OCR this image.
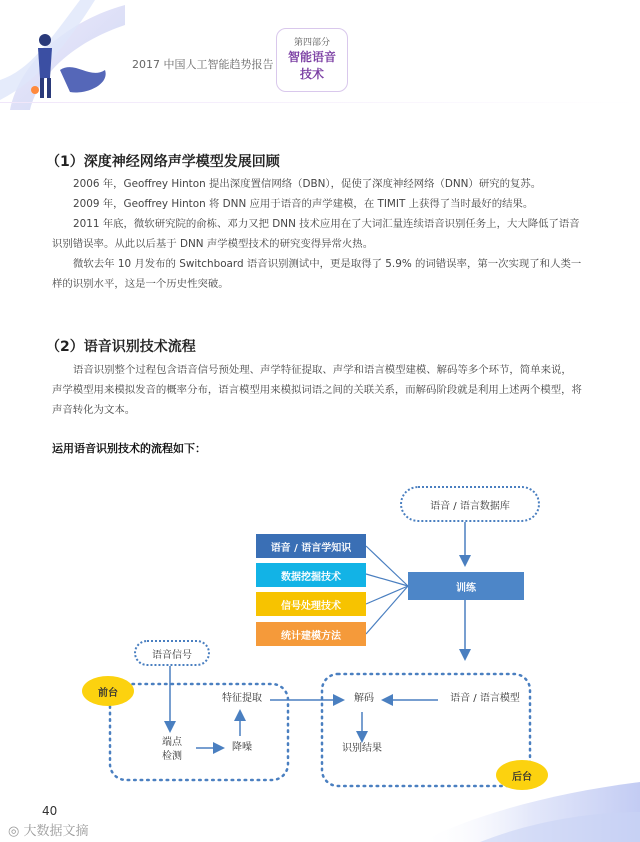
2017 中国人工智能趋势报告
第四部分
智能语音
技术
（1）深度神经网络声学模型发展回顾
2006 年，Geoffrey Hinton 提出深度置信网络（DBN），促使了深度神经网络（DNN）研究的复苏。
2009 年，Geoffrey Hinton 将 DNN 应用于语音的声学建模，在 TIMIT 上获得了当时最好的结果。
2011 年底，微软研究院的俞栋、邓力又把 DNN 技术应用在了大词汇量连续语音识别任务上，大大降低了语音识别错误率。从此以后基于 DNN 声学模型技术的研究变得异常火热。
微软去年 10 月发布的 Switchboard 语音识别测试中，更是取得了 5.9% 的词错误率，第一次实现了和人类一样的识别水平，这是一个历史性突破。
（2）语音识别技术流程
语音识别整个过程包含语音信号预处理、声学特征提取、声学和语言模型建模、解码等多个环节，简单来说，声学模型用来模拟发音的概率分布，语言模型用来模拟词语之间的关联关系，而解码阶段就是利用上述两个模型，将声音转化为文本。
运用语音识别技术的流程如下：
语音 / 语言数据库
语音 / 语言学知识
数据挖掘技术
信号处理技术
统计建模方法
训练
语音信号
前台
后台
特征提取
端点
检测
降噪
解码	语音 / 语言模型
识别结果
40
◎ 大数据文摘
